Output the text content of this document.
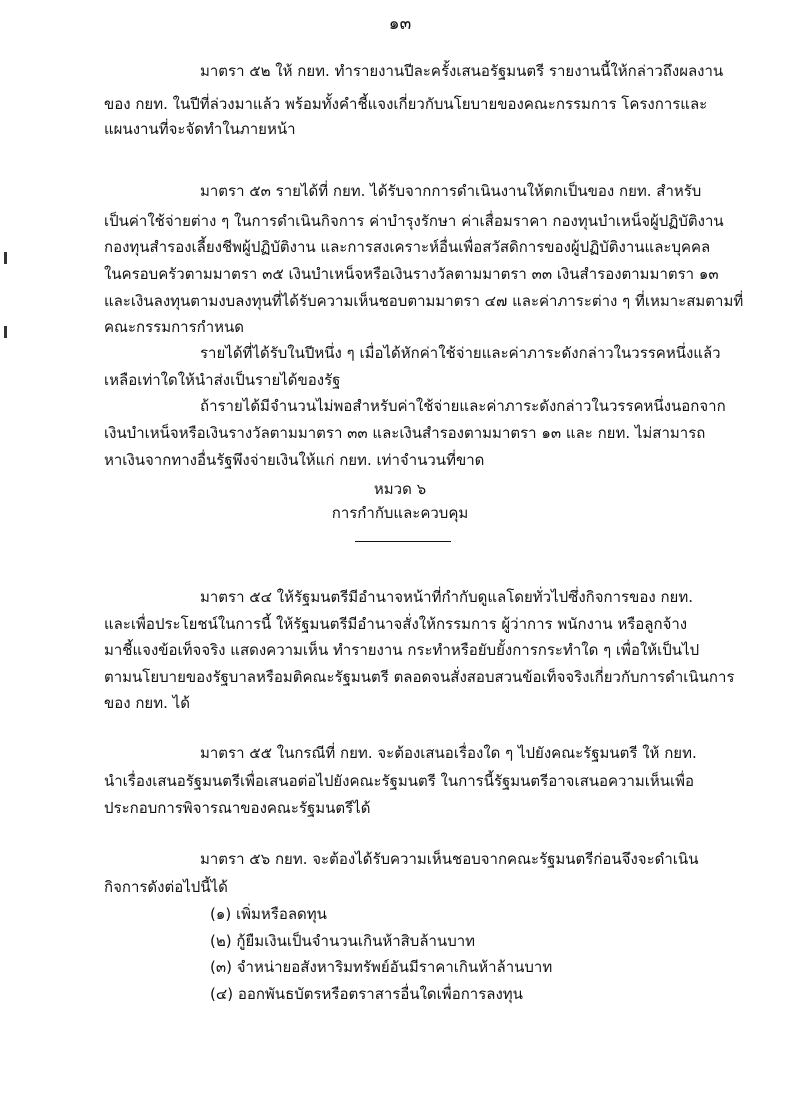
๑๓
มาตรา ๕๒ ให้ กยท. ทำรายงานปีละครั้งเสนอรัฐมนตรี รายงานนี้ให้กล่าวถึงผลงาน
ของ กยท. ในปีที่ล่วงมาแล้ว พร้อมทั้งคำชี้แจงเกี่ยวกับนโยบายของคณะกรรมการ โครงการและ
แผนงานที่จะจัดทำในภายหน้า
มาตรา ๕๓ รายได้ที่ กยท. ได้รับจากการดำเนินงานให้ตกเป็นของ กยท. สำหรับ
เป็นค่าใช้จ่ายต่าง ๆ ในการดำเนินกิจการ ค่าบำรุงรักษา ค่าเสื่อมราคา กองทุนบำเหน็จผู้ปฏิบัติงาน
กองทุนสำรองเลี้ยงชีพผู้ปฏิบัติงาน และการสงเคราะห์อื่นเพื่อสวัสดิการของผู้ปฏิบัติงานและบุคคล
ในครอบครัวตามมาตรา ๓๕ เงินบำเหน็จหรือเงินรางวัลตามมาตรา ๓๓ เงินสำรองตามมาตรา ๑๓
และเงินลงทุนตามงบลงทุนที่ได้รับความเห็นชอบตามมาตรา ๔๗ และค่าภาระต่าง ๆ ที่เหมาะสมตามที่
คณะกรรมการกำหนด
รายได้ที่ได้รับในปีหนึ่ง ๆ เมื่อได้หักค่าใช้จ่ายและค่าภาระดังกล่าวในวรรคหนึ่งแล้ว
เหลือเท่าใดให้นำส่งเป็นรายได้ของรัฐ
ถ้ารายได้มีจำนวนไม่พอสำหรับค่าใช้จ่ายและค่าภาระดังกล่าวในวรรคหนึ่งนอกจาก
เงินบำเหน็จหรือเงินรางวัลตามมาตรา ๓๓ และเงินสำรองตามมาตรา ๑๓ และ กยท. ไม่สามารถ
หาเงินจากทางอื่นรัฐพึงจ่ายเงินให้แก่ กยท. เท่าจำนวนที่ขาด
หมวด ๖
การกำกับและควบคุม
มาตรา ๕๔ ให้รัฐมนตรีมีอำนาจหน้าที่กำกับดูแลโดยทั่วไปซึ่งกิจการของ กยท.
และเพื่อประโยชน์ในการนี้ ให้รัฐมนตรีมีอำนาจสั่งให้กรรมการ ผู้ว่าการ พนักงาน หรือลูกจ้าง
มาชี้แจงข้อเท็จจริง แสดงความเห็น ทำรายงาน กระทำหรือยับยั้งการกระทำใด ๆ เพื่อให้เป็นไป
ตามนโยบายของรัฐบาลหรือมติคณะรัฐมนตรี ตลอดจนสั่งสอบสวนข้อเท็จจริงเกี่ยวกับการดำเนินการ
ของ กยท. ได้
มาตรา ๕๕ ในกรณีที่ กยท. จะต้องเสนอเรื่องใด ๆ ไปยังคณะรัฐมนตรี ให้ กยท.
นำเรื่องเสนอรัฐมนตรีเพื่อเสนอต่อไปยังคณะรัฐมนตรี ในการนี้รัฐมนตรีอาจเสนอความเห็นเพื่อ
ประกอบการพิจารณาของคณะรัฐมนตรีได้
มาตรา ๕๖ กยท. จะต้องได้รับความเห็นชอบจากคณะรัฐมนตรีก่อนจึงจะดำเนิน
กิจการดังต่อไปนี้ได้
(๑) เพิ่มหรือลดทุน
(๒) กู้ยืมเงินเป็นจำนวนเกินห้าสิบล้านบาท
(๓) จำหน่ายอสังหาริมทรัพย์อันมีราคาเกินห้าล้านบาท
(๔) ออกพันธบัตรหรือตราสารอื่นใดเพื่อการลงทุน
